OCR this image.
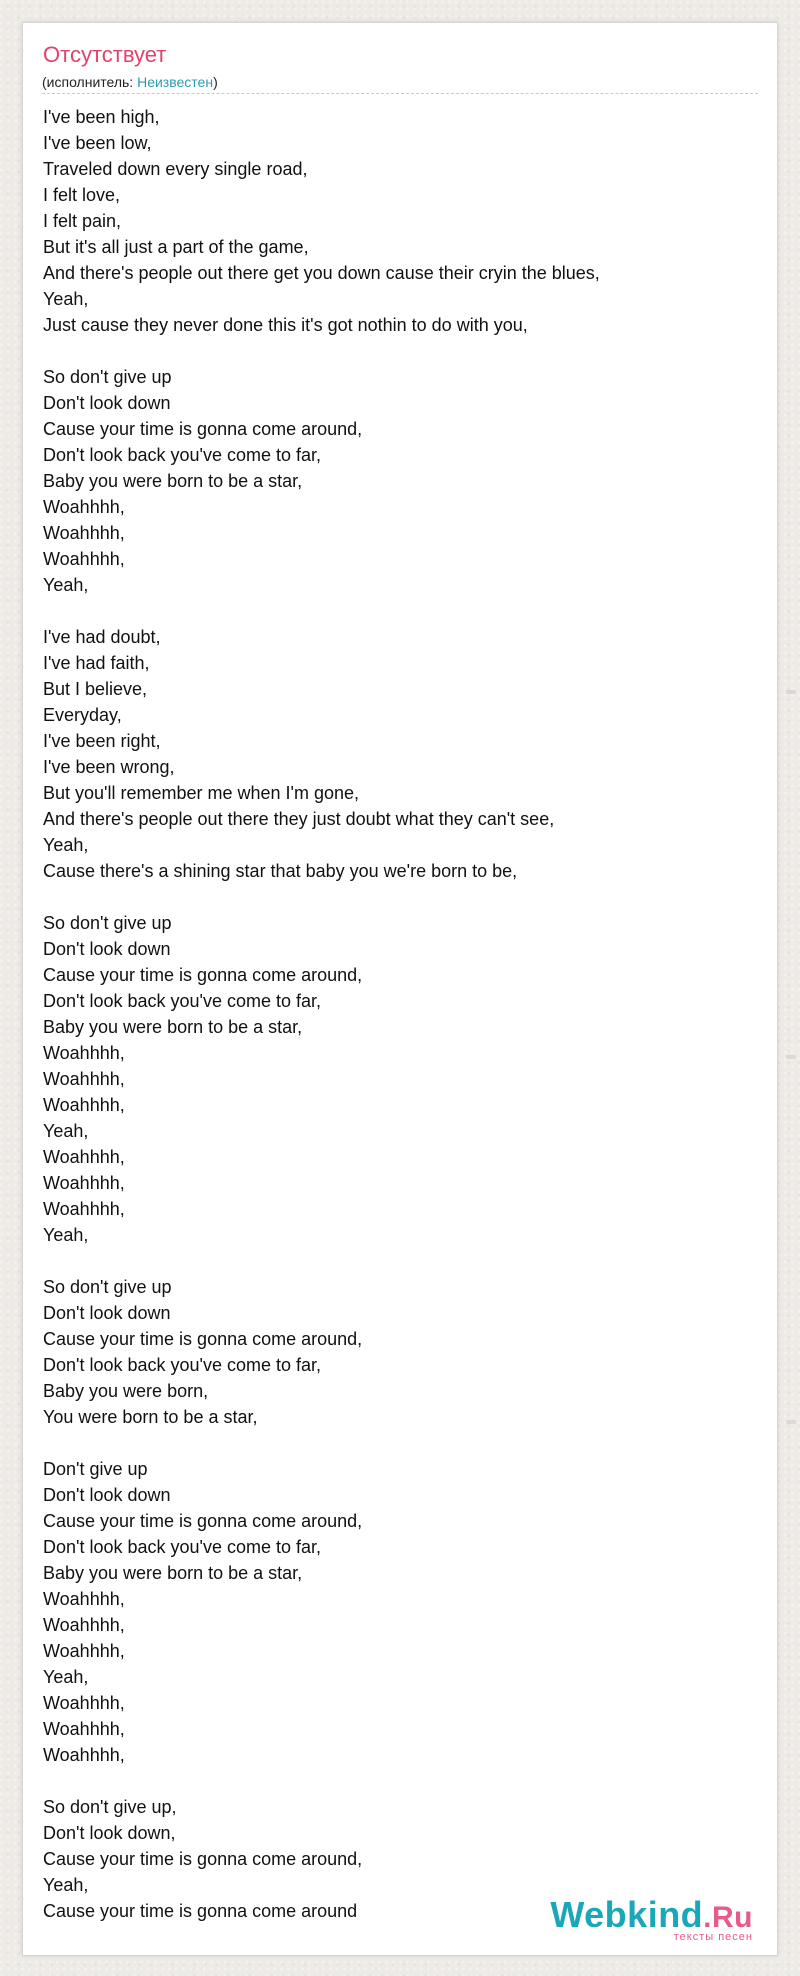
Отсутствует
(исполнитель: Неизвестен)
I've been high,
I've been low,
Traveled down every single road,
I felt love,
I felt pain,
But it's all just a part of the game,
And there's people out there get you down cause their cryin the blues,
Yeah,
Just cause they never done this it's got nothin to do with you,
So don't give up
Don't look down
Cause your time is gonna come around,
Don't look back you've come to far,
Baby you were born to be a star,
Woahhhh,
Woahhhh,
Woahhhh,
Yeah,
I've had doubt,
I've had faith,
But I believe,
Everyday,
I've been right,
I've been wrong,
But you'll remember me when I'm gone,
And there's people out there they just doubt what they can't see,
Yeah,
Cause there's a shining star that baby you we're born to be,
So don't give up
Don't look down
Cause your time is gonna come around,
Don't look back you've come to far,
Baby you were born to be a star,
Woahhhh,
Woahhhh,
Woahhhh,
Yeah,
Woahhhh,
Woahhhh,
Woahhhh,
Yeah,
So don't give up
Don't look down
Cause your time is gonna come around,
Don't look back you've come to far,
Baby you were born,
You were born to be a star,
Don't give up
Don't look down
Cause your time is gonna come around,
Don't look back you've come to far,
Baby you were born to be a star,
Woahhhh,
Woahhhh,
Woahhhh,
Yeah,
Woahhhh,
Woahhhh,
Woahhhh,
So don't give up,
Don't look down,
Cause your time is gonna come around,
Yeah,
Cause your time is gonna come around	Webkind.Ru
тексты песен
